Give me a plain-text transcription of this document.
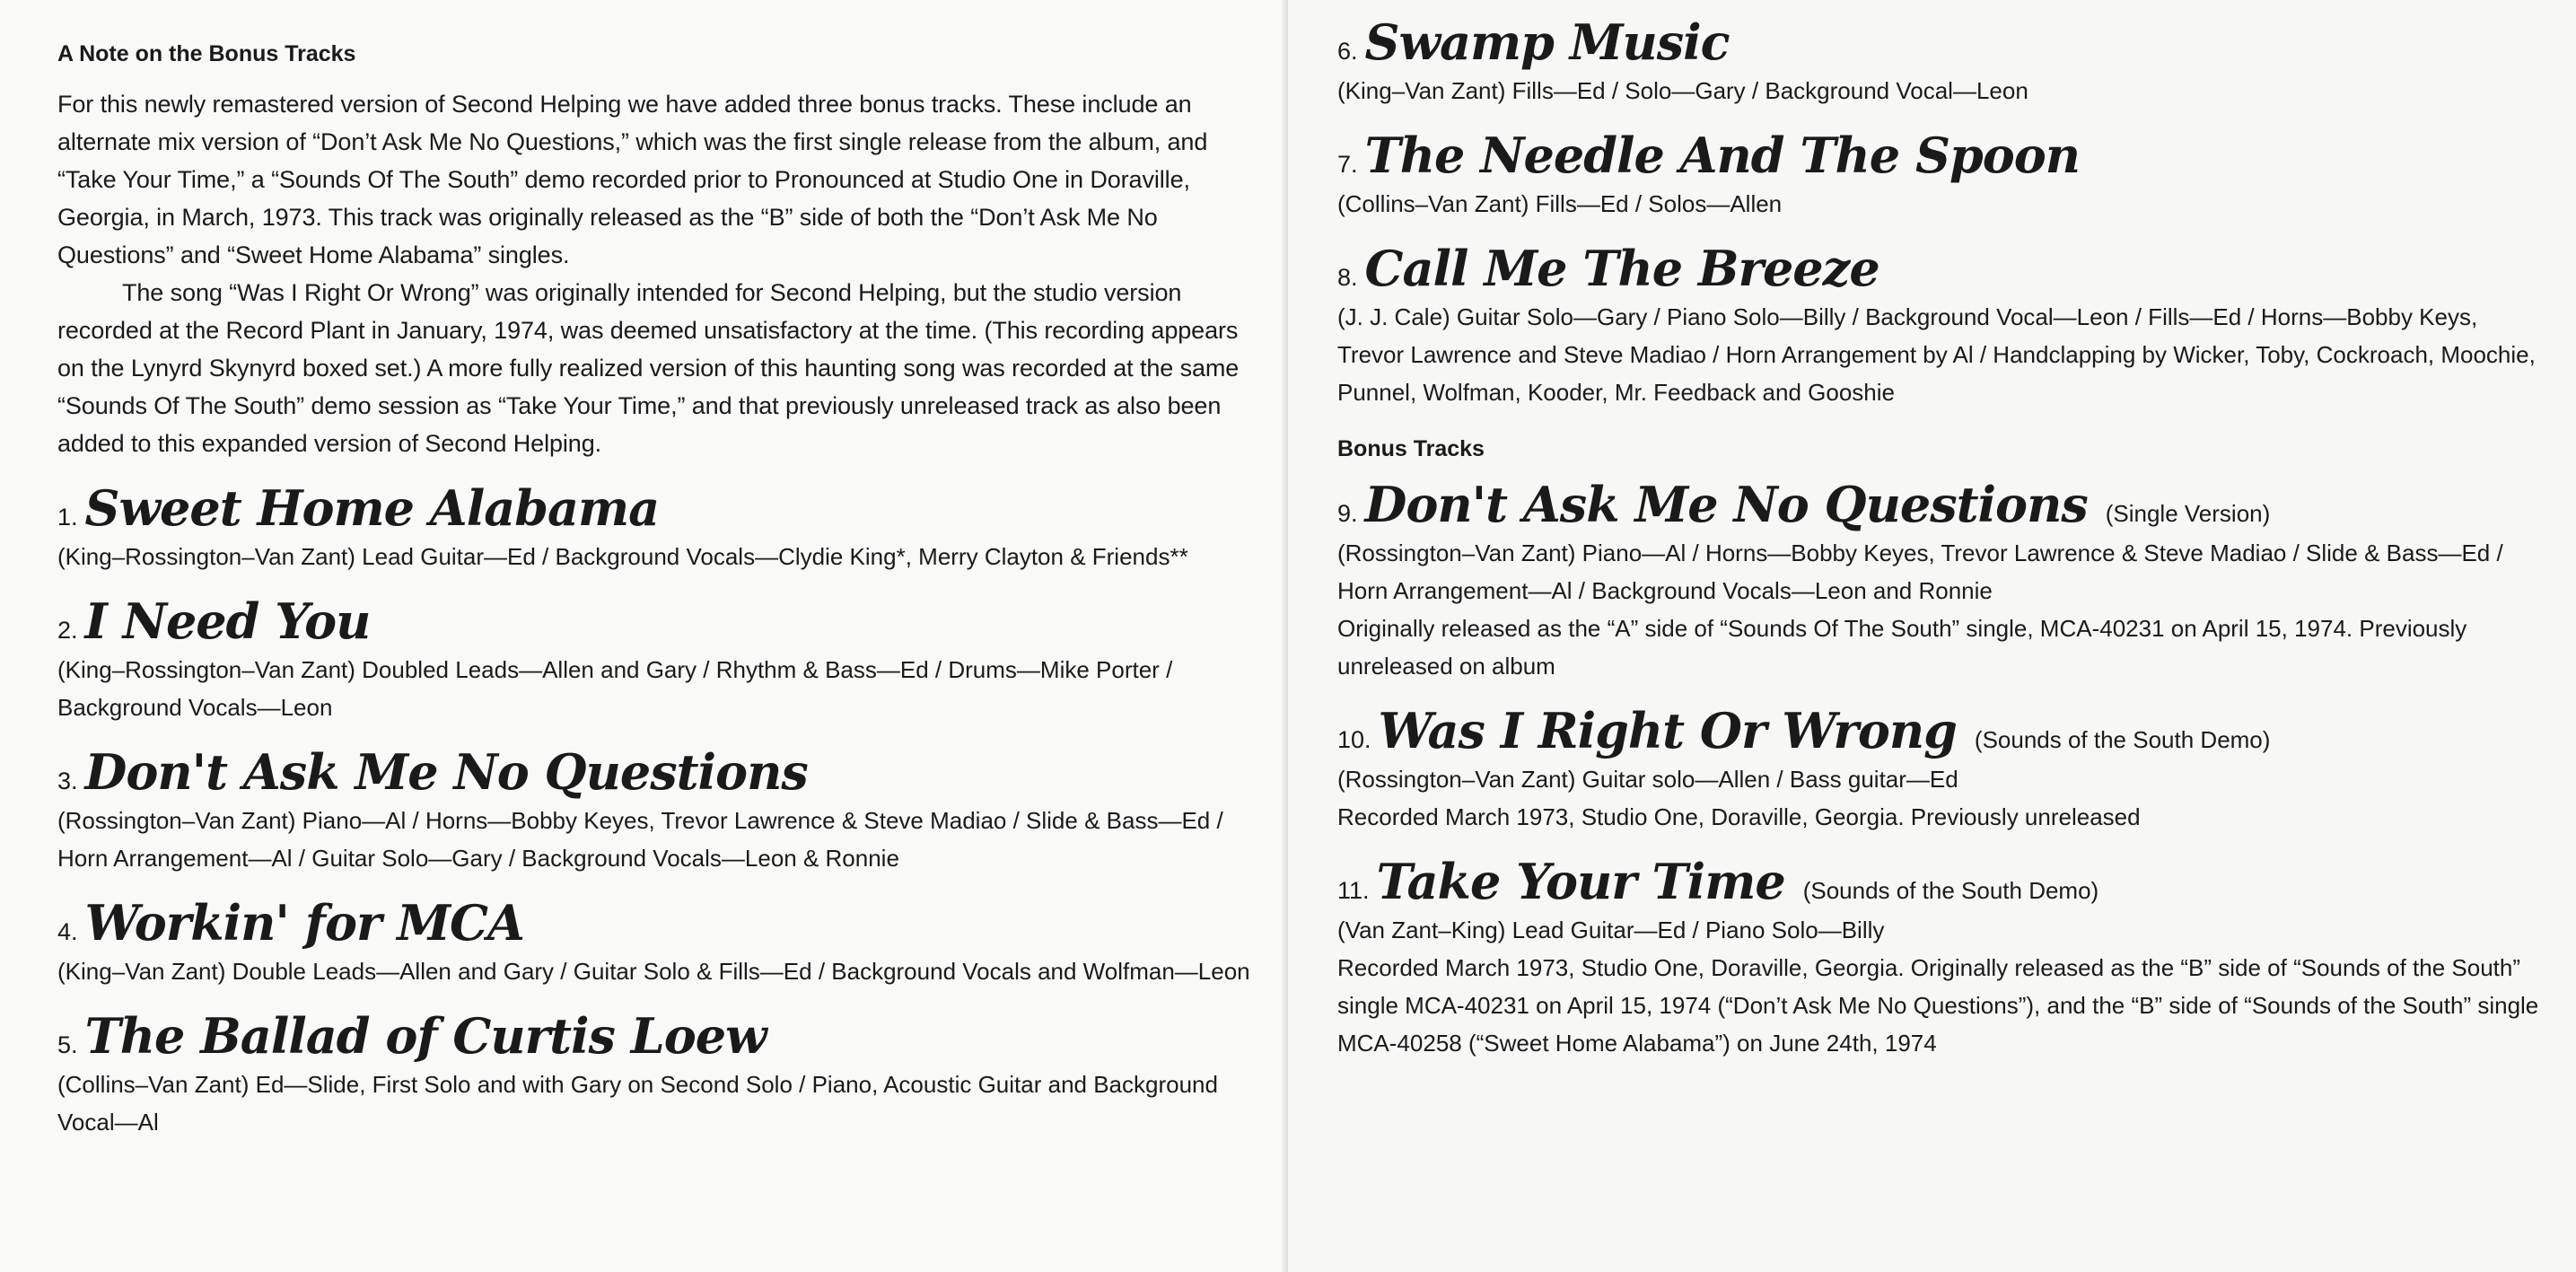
A Note on the Bonus Tracks

For this newly remastered version of Second Helping we have added three bonus tracks. These include an alternate mix version of “Don’t Ask Me No Questions,” which was the first single release from the album, and “Take Your Time,” a “Sounds Of The South” demo recorded prior to Pronounced at Studio One in Doraville, Georgia, in March, 1973. This track was originally released as the “B” side of both the “Don’t Ask Me No Questions” and “Sweet Home Alabama” singles.

The song “Was I Right Or Wrong” was originally intended for Second Helping, but the studio version recorded at the Record Plant in January, 1974, was deemed unsatisfactory at the time. (This recording appears on the Lynyrd Skynyrd boxed set.) A more fully realized version of this haunting song was recorded at the same “Sounds Of The South” demo session as “Take Your Time,” and that previously unreleased track as also been added to this expanded version of Second Helping.

1. Sweet Home Alabama

(King–Rossington–Van Zant) Lead Guitar—Ed / Background Vocals—Clydie King*, Merry Clayton & Friends**

2. I Need You

(King–Rossington–Van Zant) Doubled Leads—Allen and Gary / Rhythm & Bass—Ed / Drums—Mike Porter / Background Vocals—Leon

3. Don't Ask Me No Questions

(Rossington–Van Zant) Piano—Al / Horns—Bobby Keyes, Trevor Lawrence & Steve Madiao / Slide & Bass—Ed / Horn Arrangement—Al / Guitar Solo—Gary / Background Vocals—Leon & Ronnie

4. Workin' for MCA

(King–Van Zant) Double Leads—Allen and Gary / Guitar Solo & Fills—Ed / Background Vocals and Wolfman—Leon

5. The Ballad of Curtis Loew

(Collins–Van Zant) Ed—Slide, First Solo and with Gary on Second Solo / Piano, Acoustic Guitar and Background Vocal—Al

6. Swamp Music

(King–Van Zant) Fills—Ed / Solo—Gary / Background Vocal—Leon

7. The Needle And The Spoon

(Collins–Van Zant) Fills—Ed / Solos—Allen

8. Call Me The Breeze

(J. J. Cale) Guitar Solo—Gary / Piano Solo—Billy / Background Vocal—Leon / Fills—Ed / Horns—Bobby Keys, Trevor Lawrence and Steve Madiao / Horn Arrangement by Al / Handclapping by Wicker, Toby, Cockroach, Moochie, Punnel, Wolfman, Kooder, Mr. Feedback and Gooshie

Bonus Tracks
9. Don't Ask Me No Questions (Single Version)

(Rossington–Van Zant) Piano—Al / Horns—Bobby Keyes, Trevor Lawrence & Steve Madiao / Slide & Bass—Ed / Horn Arrangement—Al / Background Vocals—Leon and Ronnie

Originally released as the “A” side of “Sounds Of The South” single, MCA-40231 on April 15, 1974. Previously unreleased on album

10. Was I Right Or Wrong (Sounds of the South Demo)

(Rossington–Van Zant) Guitar solo—Allen / Bass guitar—Ed

Recorded March 1973, Studio One, Doraville, Georgia. Previously unreleased

11. Take Your Time (Sounds of the South Demo)

(Van Zant–King) Lead Guitar—Ed / Piano Solo—Billy

Recorded March 1973, Studio One, Doraville, Georgia. Originally released as the “B” side of “Sounds of the South” single MCA-40231 on April 15, 1974 (“Don’t Ask Me No Questions”), and the “B” side of “Sounds of the South” single MCA-40258 (“Sweet Home Alabama”) on June 24th, 1974
